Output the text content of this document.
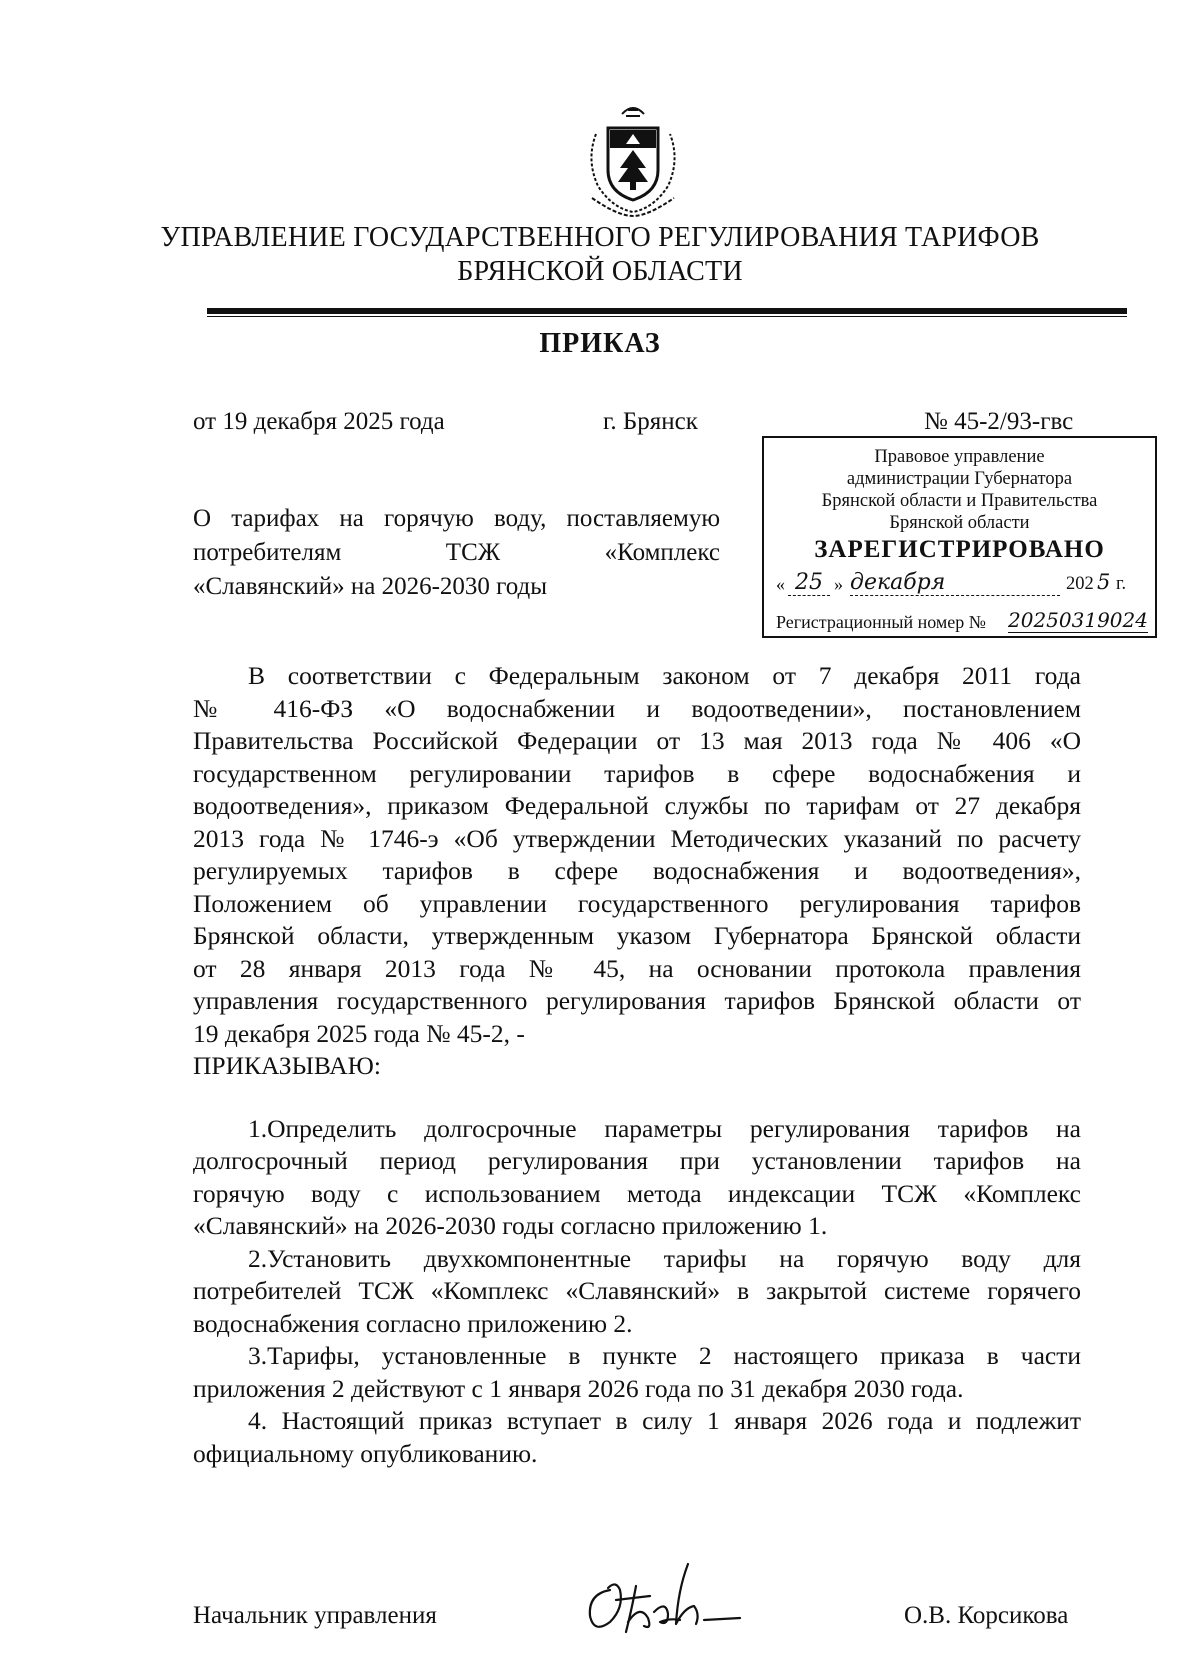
УПРАВЛЕНИЕ ГОСУДАРСТВЕННОГО РЕГУЛИРОВАНИЯ ТАРИФОВ
БРЯНСКОЙ ОБЛАСТИ
ПРИКАЗ
от 19 декабря 2025 года	г. Брянск	№ 45-2/93-гвс
Правовое управление
администрации Губернатора
Брянской области и Правительства
Брянской области
ЗАРЕГИСТРИРОВАНО
« 25 » декабря	202 5 г.
Регистрационный номер № 20250319024
О тарифах на горячую воду, поставляемую
потребителям ТСЖ «Комплекс
«Славянский» на 2026-2030 годы
В соответствии с Федеральным законом от 7 декабря 2011 года
№ 416-ФЗ «О водоснабжении и водоотведении», постановлением
Правительства Российской Федерации от 13 мая 2013 года № 406 «О
государственном регулировании тарифов в сфере водоснабжения и
водоотведения», приказом Федеральной службы по тарифам от 27 декабря
2013 года № 1746-э «Об утверждении Методических указаний по расчету
регулируемых тарифов в сфере водоснабжения и водоотведения»,
Положением об управлении государственного регулирования тарифов
Брянской области, утвержденным указом Губернатора Брянской области
от 28 января 2013 года № 45, на основании протокола правления
управления государственного регулирования тарифов Брянской области от
19 декабря 2025 года № 45-2, -
ПРИКАЗЫВАЮ:
1.Определить долгосрочные параметры регулирования тарифов на
долгосрочный период регулирования при установлении тарифов на
горячую воду с использованием метода индексации ТСЖ «Комплекс
«Славянский» на 2026-2030 годы согласно приложению 1.
2.Установить двухкомпонентные тарифы на горячую воду для
потребителей ТСЖ «Комплекс «Славянский» в закрытой системе горячего
водоснабжения согласно приложению 2.
3.Тарифы, установленные в пункте 2 настоящего приказа в части
приложения 2 действуют с 1 января 2026 года по 31 декабря 2030 года.
4. Настоящий приказ вступает в силу 1 января 2026 года и подлежит
официальному опубликованию.
Начальник управления	О.В. Корсикова
